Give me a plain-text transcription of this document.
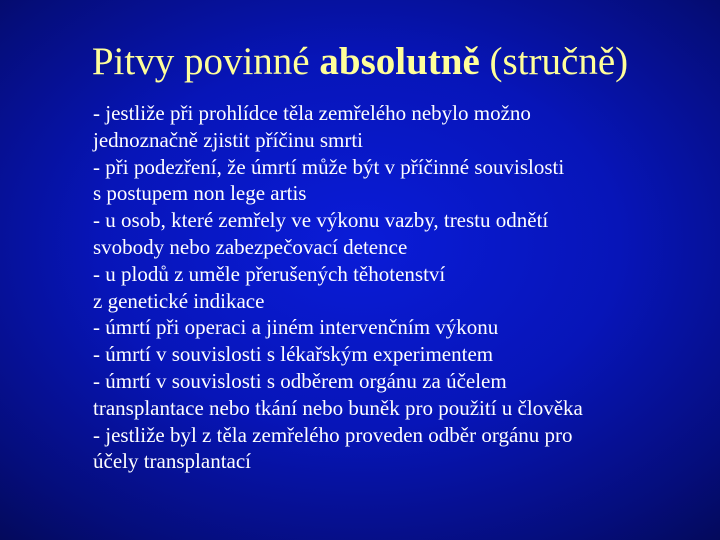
Pitvy povinné absolutně (stručně)
- jestliže při prohlídce těla zemřelého nebylo možno
jednoznačně zjistit příčinu smrti
- při podezření, že úmrtí může být v příčinné souvislosti
s postupem non lege artis
- u osob, které zemřely ve výkonu vazby, trestu odnětí
svobody nebo zabezpečovací detence
- u plodů z uměle přerušených těhotenství
z genetické indikace
- úmrtí při operaci a jiném intervenčním výkonu
- úmrtí v souvislosti s lékařským experimentem
- úmrtí v souvislosti s odběrem orgánu za účelem
transplantace nebo tkání nebo buněk pro použití u člověka
- jestliže byl z těla zemřelého proveden odběr orgánu pro
účely transplantací
